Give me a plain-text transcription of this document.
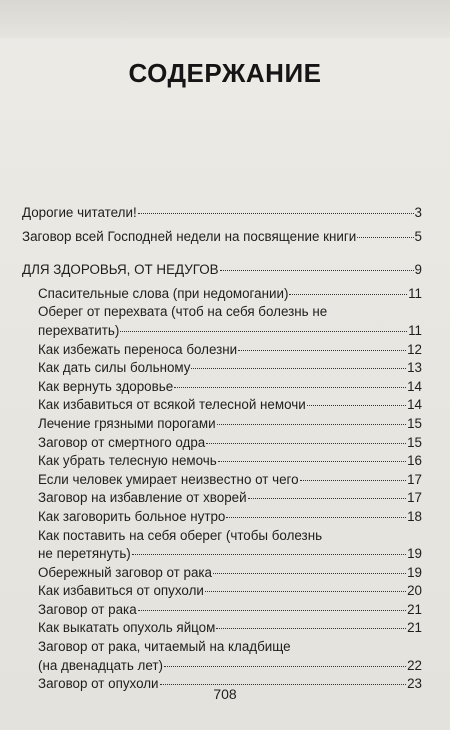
СОДЕРЖАНИЕ
Дорогие читатели!	3
Заговор всей Господней недели на посвящение книги	5
ДЛЯ ЗДОРОВЬЯ, ОТ НЕДУГОВ	9
Спасительные слова (при недомогании)	11
Оберег от перехвата (чтоб на себя болезнь не
перехватить)	11
Как избежать переноса болезни	12
Как дать силы больному	13
Как вернуть здоровье	14
Как избавиться от всякой телесной немочи	14
Лечение грязными порогами	15
Заговор от смертного одра	15
Как убрать телесную немочь	16
Если человек умирает неизвестно от чего	17
Заговор на избавление от хворей	17
Как заговорить больное нутро	18
Как поставить на себя оберег (чтобы болезнь
не перетянуть)	19
Обережный заговор от рака	19
Как избавиться от опухоли	20
Заговор от рака	21
Как выкатать опухоль яйцом	21
Заговор от рака, читаемый на кладбище
(на двенадцать лет)	22
Заговор от опухоли	23
708
